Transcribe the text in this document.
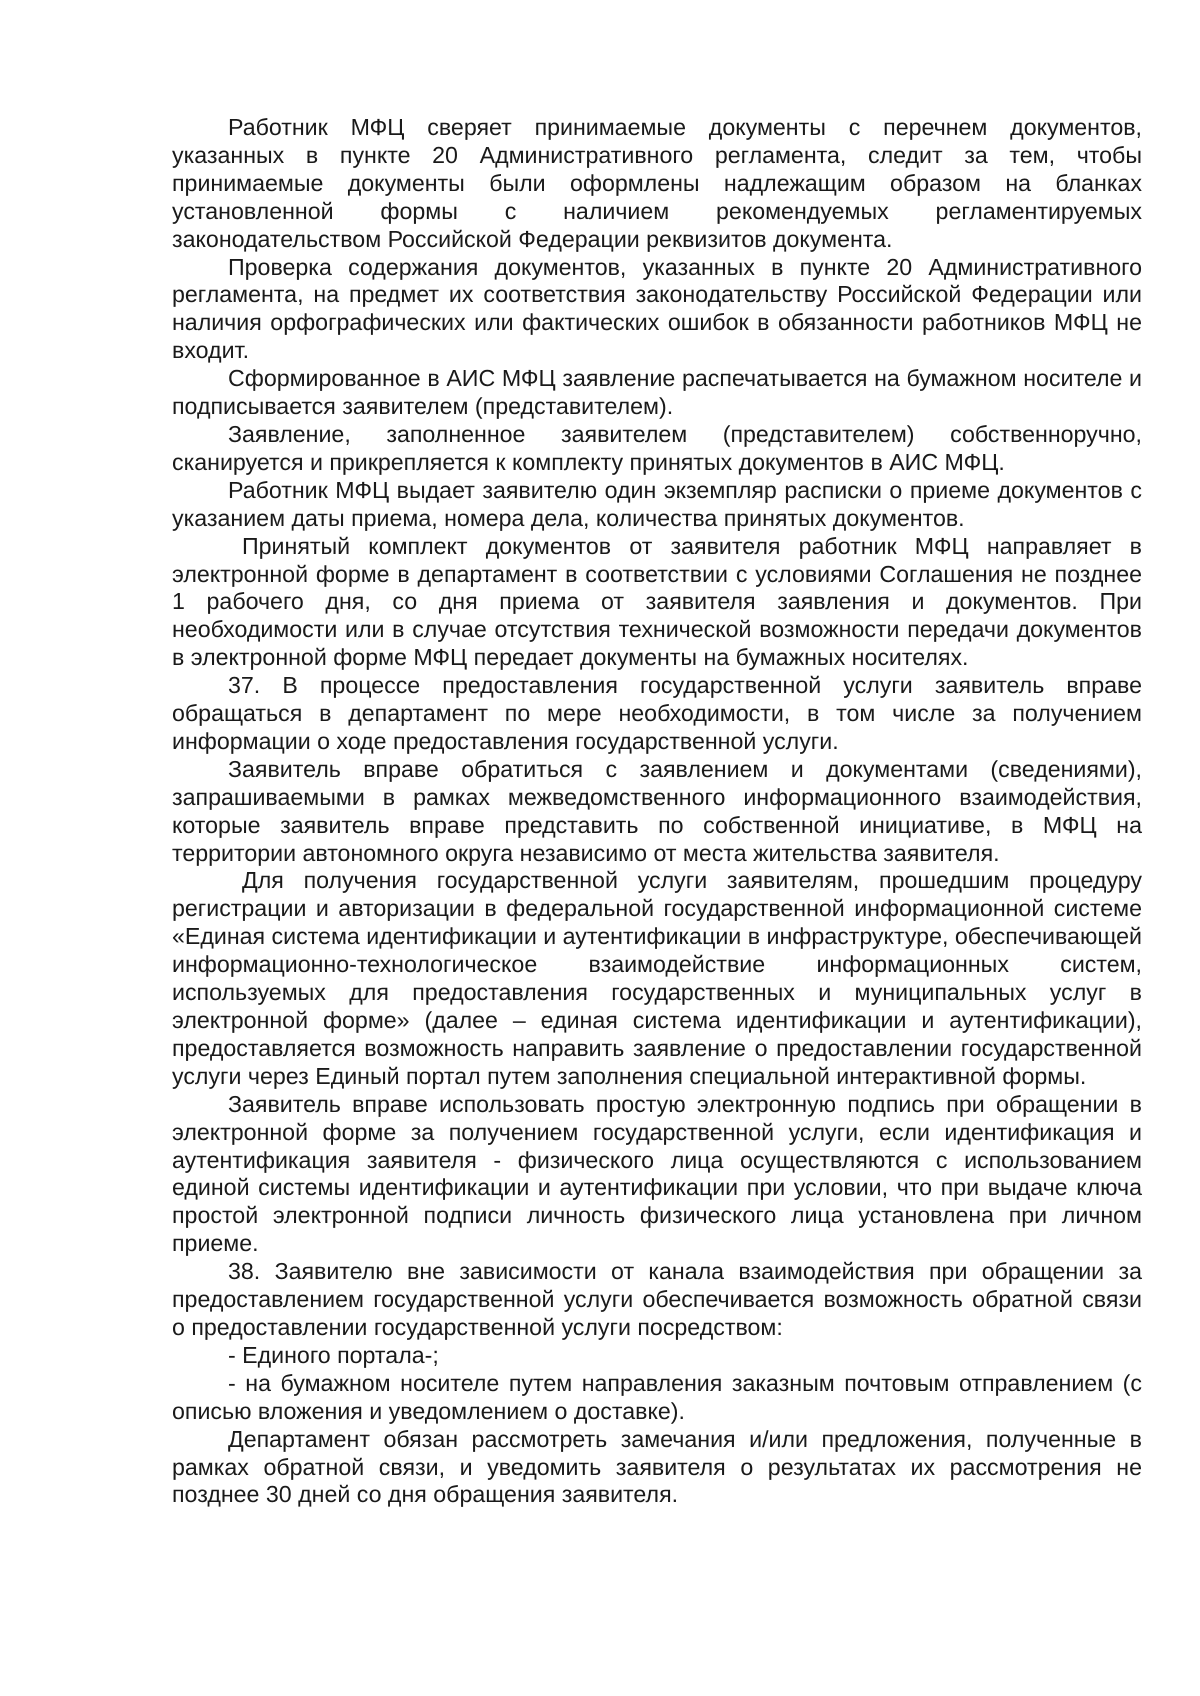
Работник МФЦ сверяет принимаемые документы с перечнем документов, указанных в пункте 20 Административного регламента, следит за тем, чтобы принимаемые документы были оформлены надлежащим образом на бланках установленной формы с наличием рекомендуемых регламентируемых законодательством Российской Федерации реквизитов документа.

Проверка содержания документов, указанных в пункте 20 Административного регламента, на предмет их соответствия законодательству Российской Федерации или наличия орфографических или фактических ошибок в обязанности работников МФЦ не входит.

Сформированное в АИС МФЦ заявление распечатывается на бумажном носителе и подписывается заявителем (представителем).

Заявление, заполненное заявителем (представителем) собственноручно, сканируется и прикрепляется к комплекту принятых документов в АИС МФЦ.

Работник МФЦ выдает заявителю один экземпляр расписки о приеме документов с указанием даты приема, номера дела, количества принятых документов.

Принятый комплект документов от заявителя работник МФЦ направляет в электронной форме в департамент в соответствии с условиями Соглашения не позднее 1 рабочего дня, со дня приема от заявителя заявления и документов. При необходимости или в случае отсутствия технической возможности передачи документов в электронной форме МФЦ передает документы на бумажных носителях.

37. В процессе предоставления государственной услуги заявитель вправе обращаться в департамент по мере необходимости, в том числе за получением информации о ходе предоставления государственной услуги.

Заявитель вправе обратиться с заявлением и документами (сведениями), запрашиваемыми в рамках межведомственного информационного взаимодействия, которые заявитель вправе представить по собственной инициативе, в МФЦ на территории автономного округа независимо от места жительства заявителя.

Для получения государственной услуги заявителям, прошедшим процедуру регистрации и авторизации в федеральной государственной информационной системе «Единая система идентификации и аутентификации в инфраструктуре, обеспечивающей информационно-технологическое взаимодействие информационных систем, используемых для предоставления государственных и муниципальных услуг в электронной форме» (далее – единая система идентификации и аутентификации), предоставляется возможность направить заявление о предоставлении государственной услуги через Единый портал путем заполнения специальной интерактивной формы.

Заявитель вправе использовать простую электронную подпись при обращении в электронной форме за получением государственной услуги, если идентификация и аутентификация заявителя - физического лица осуществляются с использованием единой системы идентификации и аутентификации при условии, что при выдаче ключа простой электронной подписи личность физического лица установлена при личном приеме.

38. Заявителю вне зависимости от канала взаимодействия при обращении за предоставлением государственной услуги обеспечивается возможность обратной связи о предоставлении государственной услуги посредством:

- Единого портала-;

- на бумажном носителе путем направления заказным почтовым отправлением (с описью вложения и уведомлением о доставке).

Департамент обязан рассмотреть замечания и/или предложения, полученные в рамках обратной связи, и уведомить заявителя о результатах их рассмотрения не позднее 30 дней со дня обращения заявителя.
